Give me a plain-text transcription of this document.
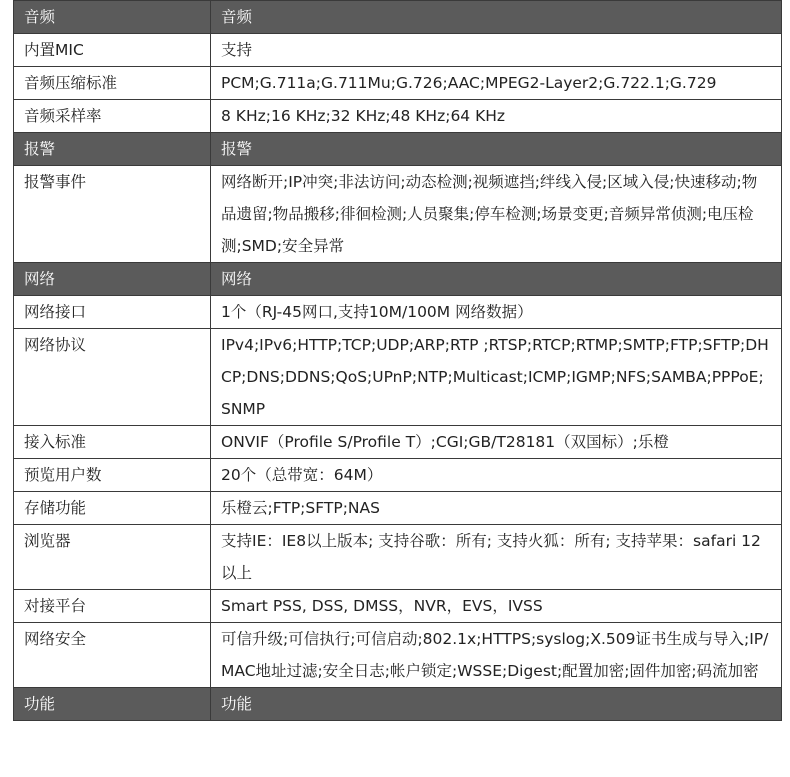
音频	音频

内置MIC	支持

音频压缩标准	PCM;G.711a;G.711Mu;G.726;AAC;MPEG2-Layer2;G.722.1;G.729

音频采样率	8 KHz;16 KHz;32 KHz;48 KHz;64 KHz

报警	报警

报警事件	网络断开;IP冲突;非法访问;动态检测;视频遮挡;绊线入侵;区域入侵;快速移动;物品遗留;物品搬移;徘徊检测;人员聚集;停车检测;场景变更;音频异常侦测;电压检测;SMD;安全异常

网络	网络

网络接口	1个（RJ-45网口,支持10M/100M 网络数据）

网络协议	IPv4;IPv6;HTTP;TCP;UDP;ARP;RTP ;RTSP;RTCP;RTMP;SMTP;FTP;SFTP;DHCP;DNS;DDNS;QoS;UPnP;NTP;Multicast;ICMP;IGMP;NFS;SAMBA;PPPoE;SNMP

接入标准	ONVIF（Profile S/Profile T）;CGI;GB/T28181（双国标）;乐橙

预览用户数	20个（总带宽：64M）

存储功能	乐橙云;FTP;SFTP;NAS

浏览器	支持IE：IE8以上版本; 支持谷歌：所有; 支持火狐：所有; 支持苹果：safari 12以上

对接平台	Smart PSS, DSS, DMSS，NVR，EVS，IVSS

网络安全	可信升级;可信执行;可信启动;802.1x;HTTPS;syslog;X.509证书生成与导入;IP/MAC地址过滤;安全日志;帐户锁定;WSSE;Digest;配置加密;固件加密;码流加密

功能	功能
